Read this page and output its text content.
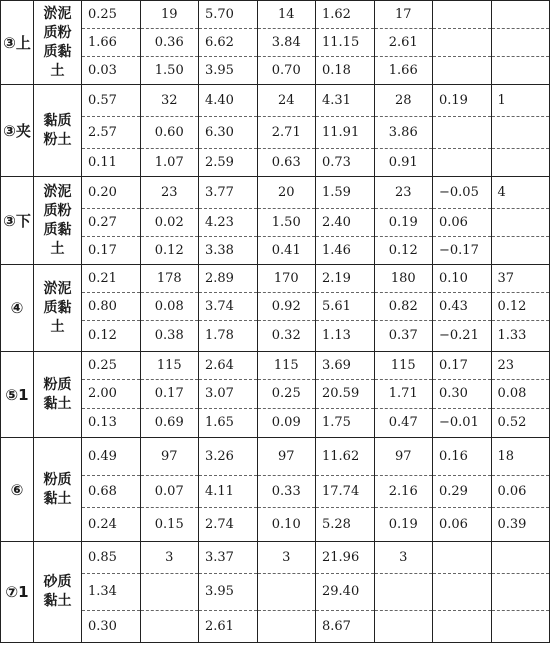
③上	淤泥质粉质黏土	0.25	19	5.70	14	1.62	17		
		1.66	0.36	6.62	3.84	11.15	2.61		
		0.03	1.50	3.95	0.70	0.18	1.66		
③夹	黏质粉土	0.57	32	4.40	24	4.31	28	0.19	1
		2.57	0.60	6.30	2.71	11.91	3.86		
		0.11	1.07	2.59	0.63	0.73	0.91		
③下	淤泥质粉质黏土	0.20	23	3.77	20	1.59	23	−0.05	4
		0.27	0.02	4.23	1.50	2.40	0.19	0.06	
		0.17	0.12	3.38	0.41	1.46	0.12	−0.17	
④	淤泥质黏土	0.21	178	2.89	170	2.19	180	0.10	37
		0.80	0.08	3.74	0.92	5.61	0.82	0.43	0.12
		0.12	0.38	1.78	0.32	1.13	0.37	−0.21	1.33
⑤1	粉质黏土	0.25	115	2.64	115	3.69	115	0.17	23
		2.00	0.17	3.07	0.25	20.59	1.71	0.30	0.08
		0.13	0.69	1.65	0.09	1.75	0.47	−0.01	0.52
⑥	粉质黏土	0.49	97	3.26	97	11.62	97	0.16	18
		0.68	0.07	4.11	0.33	17.74	2.16	0.29	0.06
		0.24	0.15	2.74	0.10	5.28	0.19	0.06	0.39
⑦1	砂质黏土	0.85	3	3.37	3	21.96	3		
		1.34		3.95		29.40			
		0.30		2.61		8.67			
